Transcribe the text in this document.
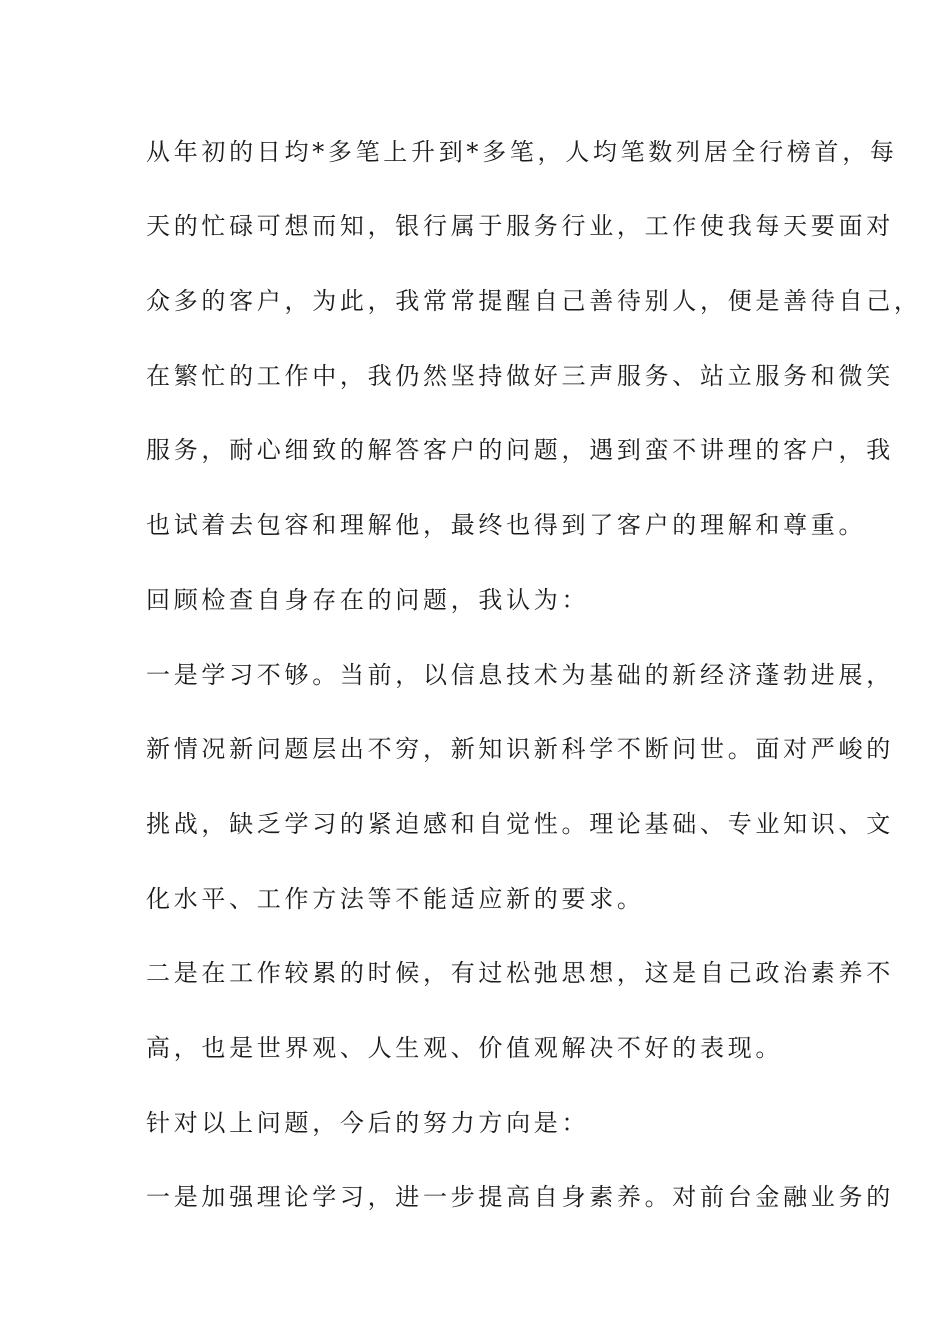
从年初的日均*多笔上升到*多笔，人均笔数列居全行榜首，每

天的忙碌可想而知，银行属于服务行业，工作使我每天要面对

众多的客户，为此，我常常提醒自己善待别人，便是善待自己，

在繁忙的工作中，我仍然坚持做好三声服务、站立服务和微笑

服务，耐心细致的解答客户的问题，遇到蛮不讲理的客户，我

也试着去包容和理解他，最终也得到了客户的理解和尊重。

回顾检查自身存在的问题，我认为：

一是学习不够。当前，以信息技术为基础的新经济蓬勃进展，

新情况新问题层出不穷，新知识新科学不断问世。面对严峻的

挑战，缺乏学习的紧迫感和自觉性。理论基础、专业知识、文

化水平、工作方法等不能适应新的要求。

二是在工作较累的时候，有过松弛思想，这是自己政治素养不

高，也是世界观、人生观、价值观解决不好的表现。

针对以上问题，今后的努力方向是：

一是加强理论学习，进一步提高自身素养。对前台金融业务的
